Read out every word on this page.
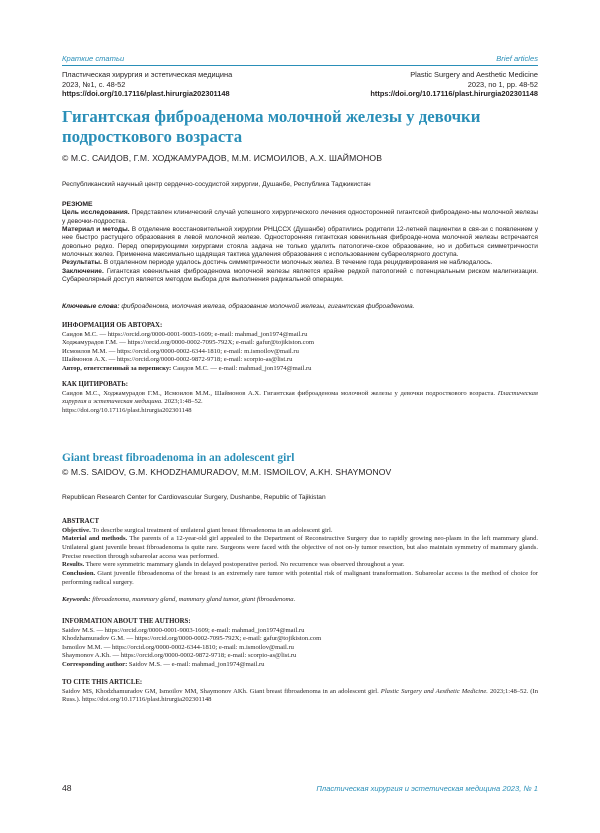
Краткие статьи	Brief articles
Пластическая хирургия и эстетическая медицина
2023, №1, с. 48-52
https://doi.org/10.17116/plast.hirurgia202301148
Plastic Surgery and Aesthetic Medicine
2023, no 1, pp. 48-52
https://doi.org/10.17116/plast.hirurgia202301148
Гигантская фиброаденома молочной железы у девочки подросткового возраста
© М.С. САИДОВ, Г.М. ХОДЖАМУРАДОВ, М.М. ИСМОИЛОВ, А.Х. ШАЙМОНОВ
Республиканский научный центр сердечно-сосудистой хирургии, Душанбе, Республика Таджикистан

РЕЗЮМЕ

Цель исследования. Представлен клинический случай успешного хирургического лечения односторонней гигантской фиброадено-мы молочной железы у девочки-подростка.

Материал и методы. В отделение восстановительной хирургии РНЦССХ (Душанбе) обратились родители 12-летней пациентки в свя-зи с появлением у нее быстро растущего образования в левой молочной железе. Односторонняя гигантская ювенильная фиброаде-нома молочной железы встречается довольно редко. Перед оперирующими хирургами стояла задача не только удалить патологиче-ское образование, но и добиться симметричности молочных желез. Применена максимально щадящая тактика удаления образования с использованием субареолярного доступа.

Результаты. В отдаленном периоде удалось достичь симметричности молочных желез. В течение года рецидивирования не наблюдалось.

Заключение. Гигантская ювенильная фиброаденома молочной железы является крайне редкой патологией с потенциальным риском малигнизации. Субареолярный доступ является методом выбора для выполнения радикальной операции.

Ключевые слова: фиброаденома, молочная железа, образование молочной железы, гигантская фиброаденома.

ИНФОРМАЦИЯ ОБ АВТОРАХ:

Саидов М.С. — https://orcid.org/0000-0001-9003-1609; e-mail: mahmad_jon1974@mail.ru

Ходжамурадов Г.М. — https://orcid.org/0000-0002-7095-792X; e-mail: gafur@tojikiston.com

Исмоилов М.М. — https://orcid.org/0000-0002-6344-1810; e-mail: m.ismoilov@mail.ru

Шаймонов А.Х. — https://orcid.org/0000-0002-9872-9718; e-mail: scorpio-as@list.ru

Автор, ответственный за переписку: Саидов М.С. — e-mail: mahmad_jon1974@mail.ru

КАК ЦИТИРОВАТЬ:

Саидов М.С., Ходжамурадов Г.М., Исмоилов М.М., Шаймонов А.Х. Гигантская фиброаденома молочной железы у девочки подросткового возраста. Пластическая хирургия и эстетическая медицина. 2023;1:48–52.

https://doi.org/10.17116/plast.hirurgia202301148

Giant breast fibroadenoma in an adolescent girl
© M.S. SAIDOV, G.M. KHODZHAMURADOV, M.M. ISMOILOV, A.KH. SHAYMONOV
Republican Research Center for Cardiovascular Surgery, Dushanbe, Republic of Tajikistan

ABSTRACT

Objective. To describe surgical treatment of unilateral giant breast fibroadenoma in an adolescent girl.

Material and methods. The parents of a 12-year-old girl appealed to the Department of Reconstructive Surgery due to rapidly growing neo-plasm in the left mammary gland. Unilateral giant juvenile breast fibroadenoma is quite rare. Surgeons were faced with the objective of not on-ly tumor resection, but also maintain symmetry of mammary glands. Precise resection through subareolar access was performed.

Results. There were symmetric mammary glands in delayed postoperative period. No recurrence was observed throughout a year.

Conclusion. Giant juvenile fibroadenoma of the breast is an extremely rare tumor with potential risk of malignant transformation. Subareolar access is the method of choice for performing radical surgery.

Keywords: fibroadenoma, mammary gland, mammary gland tumor, giant fibroadenoma.

INFORMATION ABOUT THE AUTHORS:

Saidov M.S. — https://orcid.org/0000-0001-9003-1609; e-mail: mahmad_jon1974@mail.ru

Khodzhamuradov G.M. — https://orcid.org/0000-0002-7095-792X; e-mail: gafur@tojikiston.com

Ismoilov M.M. — https://orcid.org/0000-0002-6344-1810; e-mail: m.ismoilov@mail.ru

Shaymonov A.Kh. — https://orcid.org/0000-0002-9872-9718; e-mail: scorpio-as@list.ru

Corresponding author: Saidov M.S. — e-mail: mahmad_jon1974@mail.ru

TO CITE THIS ARTICLE:

Saidov MS, Khodzhamuradov GM, Ismoilov MM, Shaymonov AKh. Giant breast fibroadenoma in an adolescent girl. Plastic Surgery and Aesthetic Medicine. 2023;1:48–52. (In Russ.). https://doi.org/10.17116/plast.hirurgia202301148

48	Пластическая хирургия и эстетическая медицина 2023, № 1
